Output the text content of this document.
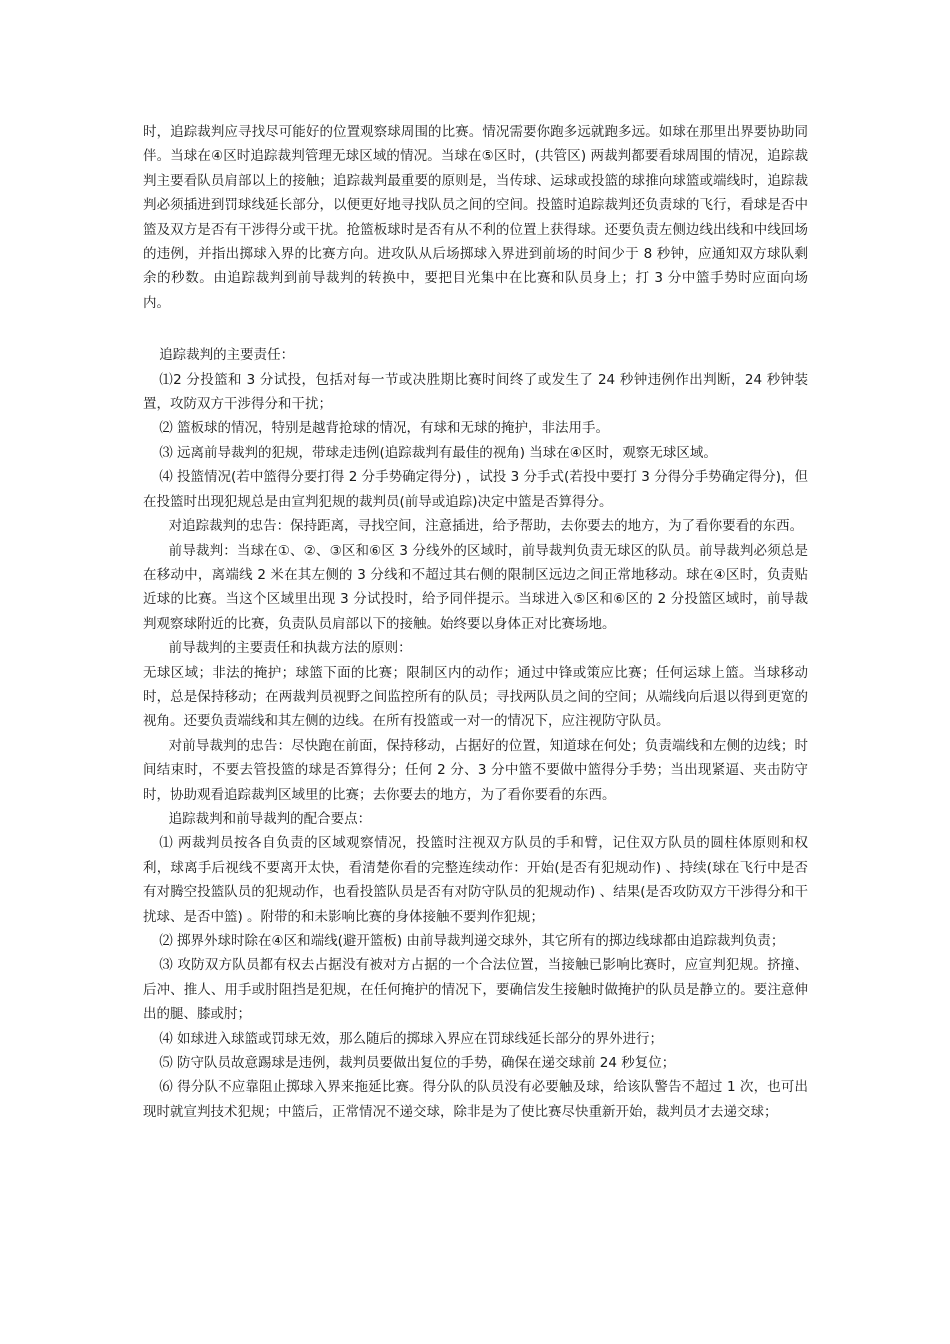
时，追踪裁判应寻找尽可能好的位置观察球周围的比赛。情况需要你跑多远就跑多远。如球在那里出界要协助同伴。当球在④区时追踪裁判管理无球区域的情况。当球在⑤区时，(共管区) 两裁判都要看球周围的情况，追踪裁判主要看队员肩部以上的接触；追踪裁判最重要的原则是，当传球、运球或投篮的球推向球篮或端线时，追踪裁判必须插进到罚球线延长部分，以便更好地寻找队员之间的空间。投篮时追踪裁判还负责球的飞行，看球是否中篮及双方是否有干涉得分或干扰。抢篮板球时是否有从不利的位置上获得球。还要负责左侧边线出线和中线回场的违例，并指出掷球入界的比赛方向。进攻队从后场掷球入界进到前场的时间少于 8 秒钟，应通知双方球队剩余的秒数。由追踪裁判到前导裁判的转换中，要把目光集中在比赛和队员身上；打 3 分中篮手势时应面向场内。

追踪裁判的主要责任：

⑴2 分投篮和 3 分试投，包括对每一节或决胜期比赛时间终了或发生了 24 秒钟违例作出判断，24 秒钟装置，攻防双方干涉得分和干扰；

⑵ 篮板球的情况，特别是越背抢球的情况，有球和无球的掩护，非法用手。

⑶ 远离前导裁判的犯规，带球走违例(追踪裁判有最佳的视角) 当球在④区时，观察无球区域。

⑷ 投篮情况(若中篮得分要打得 2 分手势确定得分) ，试投 3 分手式(若投中要打 3 分得分手势确定得分)，但在投篮时出现犯规总是由宣判犯规的裁判员(前导或追踪)决定中篮是否算得分。

对追踪裁判的忠告：保持距离，寻找空间，注意插进，给予帮助，去你要去的地方，为了看你要看的东西。

前导裁判：当球在①、②、③区和⑥区 3 分线外的区域时，前导裁判负责无球区的队员。前导裁判必须总是在移动中，离端线 2 米在其左侧的 3 分线和不超过其右侧的限制区远边之间正常地移动。球在④区时，负责贴近球的比赛。当这个区域里出现 3 分试投时，给予同伴提示。当球进入⑤区和⑥区的 2 分投篮区域时，前导裁判观察球附近的比赛，负责队员肩部以下的接触。始终要以身体正对比赛场地。

前导裁判的主要责任和执裁方法的原则：

无球区域；非法的掩护；球篮下面的比赛；限制区内的动作；通过中锋或策应比赛；任何运球上篮。当球移动时，总是保持移动；在两裁判员视野之间监控所有的队员；寻找两队员之间的空间；从端线向后退以得到更宽的视角。还要负责端线和其左侧的边线。在所有投篮或一对一的情况下，应注视防守队员。

对前导裁判的忠告：尽快跑在前面，保持移动，占据好的位置，知道球在何处；负责端线和左侧的边线；时间结束时，不要去管投篮的球是否算得分；任何 2 分、3 分中篮不要做中篮得分手势；当出现紧逼、夹击防守时，协助观看追踪裁判区域里的比赛；去你要去的地方，为了看你要看的东西。

追踪裁判和前导裁判的配合要点：

⑴ 两裁判员按各自负责的区域观察情况，投篮时注视双方队员的手和臂，记住双方队员的圆柱体原则和权利，球离手后视线不要离开太快，看清楚你看的完整连续动作：开始(是否有犯规动作) 、持续(球在飞行中是否有对腾空投篮队员的犯规动作，也看投篮队员是否有对防守队员的犯规动作) 、结果(是否攻防双方干涉得分和干扰球、是否中篮) 。附带的和未影响比赛的身体接触不要判作犯规；

⑵ 掷界外球时除在④区和端线(避开篮板) 由前导裁判递交球外，其它所有的掷边线球都由追踪裁判负责；

⑶ 攻防双方队员都有权去占据没有被对方占据的一个合法位置，当接触已影响比赛时，应宣判犯规。挤撞、后冲、推人、用手或肘阻挡是犯规，在任何掩护的情况下，要确信发生接触时做掩护的队员是静立的。要注意伸出的腿、膝或肘；

⑷ 如球进入球篮或罚球无效，那么随后的掷球入界应在罚球线延长部分的界外进行；

⑸ 防守队员故意踢球是违例，裁判员要做出复位的手势，确保在递交球前 24 秒复位；

⑹ 得分队不应靠阻止掷球入界来拖延比赛。得分队的队员没有必要触及球，给该队警告不超过 1 次，也可出现时就宣判技术犯规；中篮后，正常情况不递交球，除非是为了使比赛尽快重新开始，裁判员才去递交球；
